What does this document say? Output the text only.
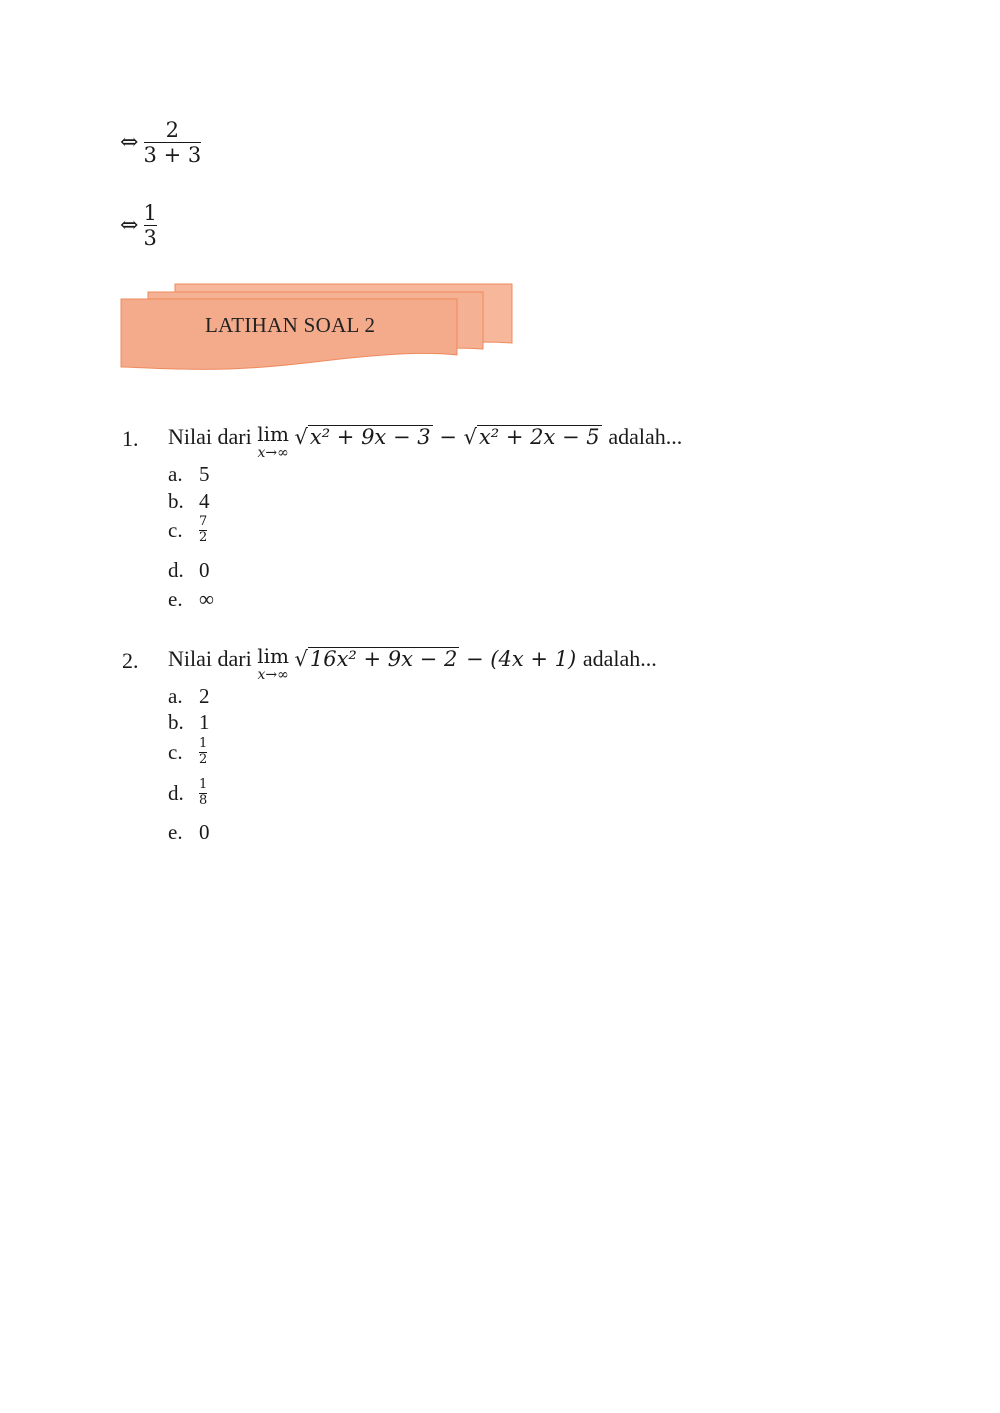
⇔ $\frac{2}{3 + 3}$
⇔ $\frac{1}{3}$
LATIHAN SOAL 2
1. Nilai dari lim
x→∞
√x² + 9x − 3 − √x² + 2x − 5 adalah...
a. 5
b. 4
c. $\frac{7}{2}$
d. 0
e. ∞
2. Nilai dari lim
x→∞
√16x² + 9x − 2 − (4x + 1) adalah...
a. 2
b. 1
c. $\frac{1}{2}$
d. $\frac{1}{8}$
e. 0
